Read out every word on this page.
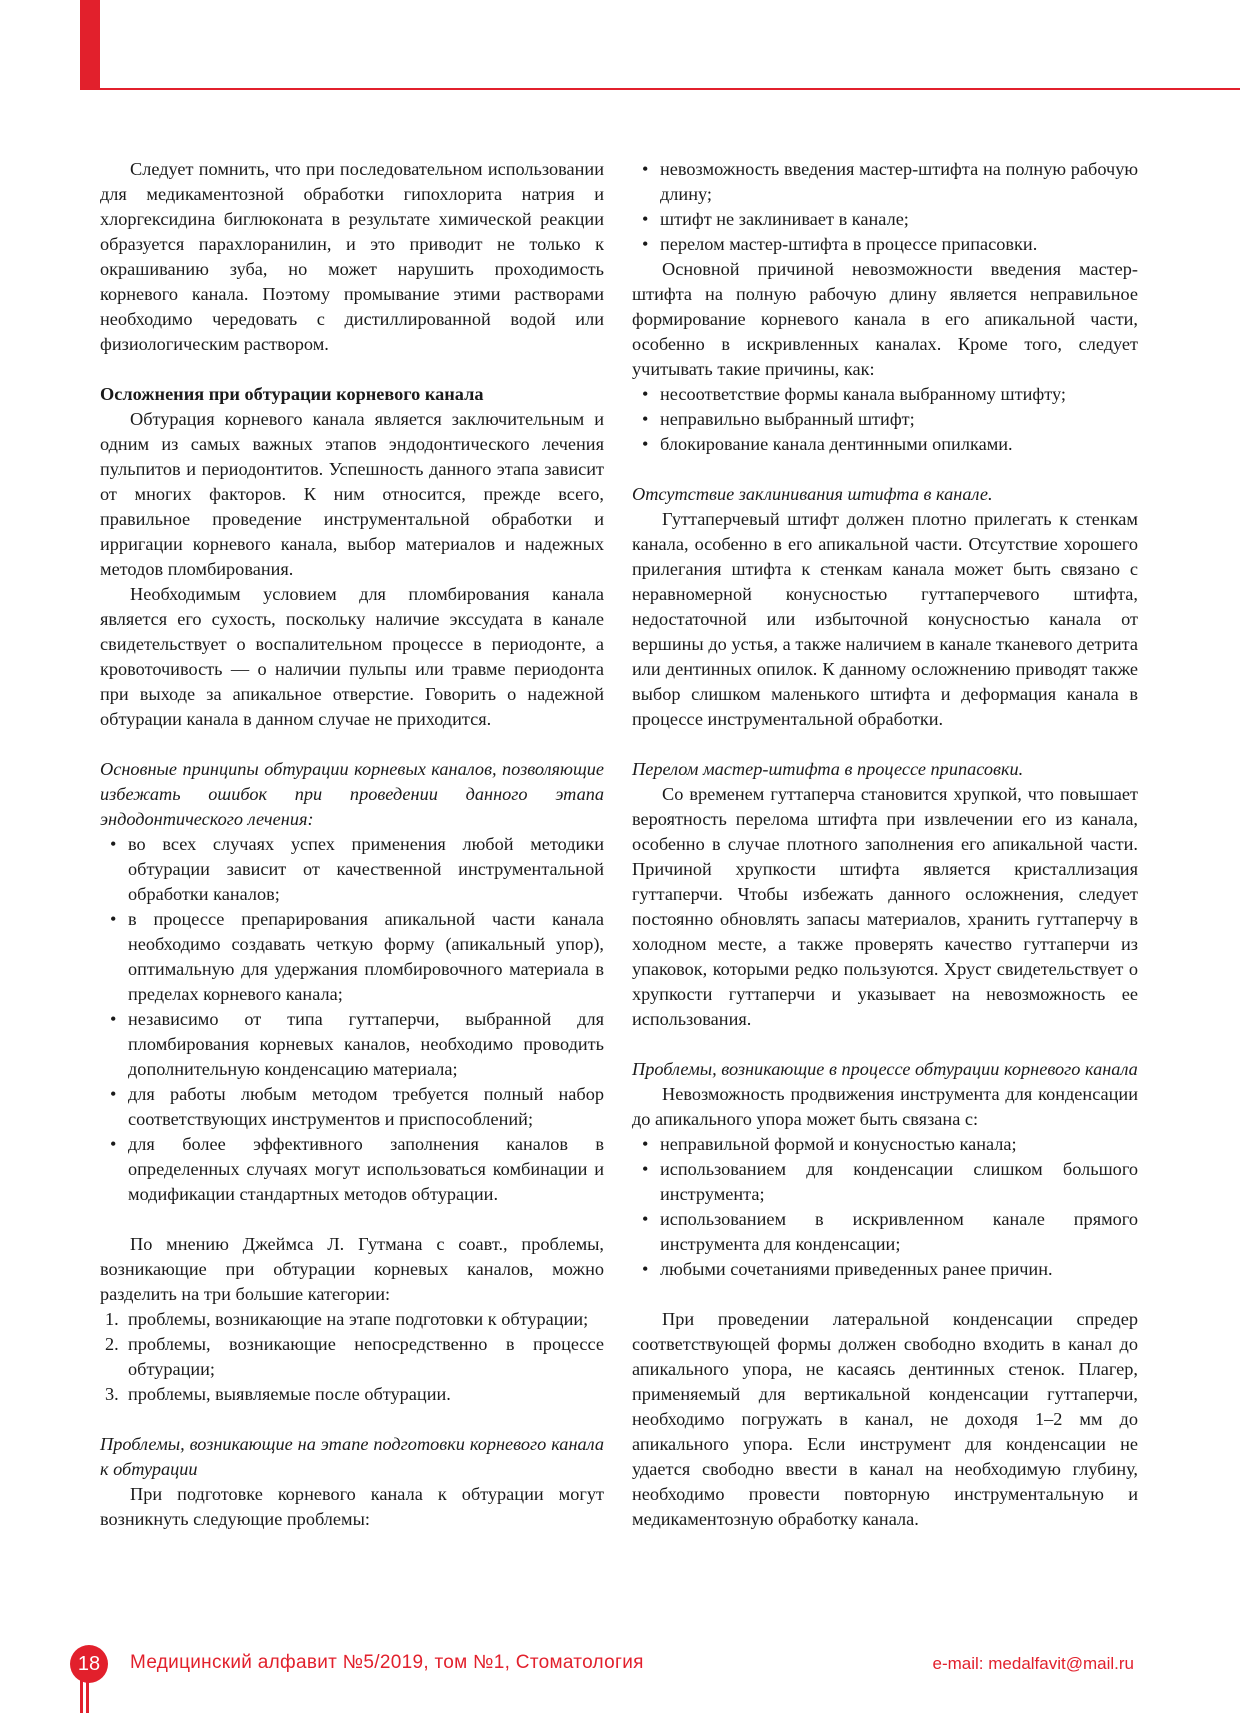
Следует помнить, что при последовательном использовании для медикаментозной обработки гипохлорита натрия и хлоргексидина биглюконата в результате химической реакции образуется парахлоранилин, и это приводит не только к окрашиванию зуба, но может нарушить проходимость корневого канала. Поэтому промывание этими растворами необходимо чередовать с дистиллированной водой или физиологическим раствором.

Осложнения при обтурации корневого канала

Обтурация корневого канала является заключительным и одним из самых важных этапов эндодонтического лечения пульпитов и периодонтитов. Успешность данного этапа зависит от многих факторов. К ним относится, прежде всего, правильное проведение инструментальной обработки и ирригации корневого канала, выбор материалов и надежных методов пломбирования.

Необходимым условием для пломбирования канала является его сухость, поскольку наличие экссудата в канале свидетельствует о воспалительном процессе в периодонте, а кровоточивость — о наличии пульпы или травме периодонта при выходе за апикальное отверстие. Говорить о надежной обтурации канала в данном случае не приходится.

Основные принципы обтурации корневых каналов, позволяющие избежать ошибок при проведении данного этапа эндодонтического лечения:

• во всех случаях успех применения любой методики обтурации зависит от качественной инструментальной обработки каналов;
• в процессе препарирования апикальной части канала необходимо создавать четкую форму (апикальный упор), оптимальную для удержания пломбировочного материала в пределах корневого канала;
• независимо от типа гуттаперчи, выбранной для пломбирования корневых каналов, необходимо проводить дополнительную конденсацию материала;
• для работы любым методом требуется полный набор соответствующих инструментов и приспособлений;
• для более эффективного заполнения каналов в определенных случаях могут использоваться комбинации и модификации стандартных методов обтурации.

По мнению Джеймса Л. Гутмана с соавт., проблемы, возникающие при обтурации корневых каналов, можно разделить на три большие категории:

1. проблемы, возникающие на этапе подготовки к обтурации;
2. проблемы, возникающие непосредственно в процессе обтурации;
3. проблемы, выявляемые после обтурации.

Проблемы, возникающие на этапе подготовки корневого канала к обтурации

При подготовке корневого канала к обтурации могут возникнуть следующие проблемы:

• невозможность введения мастер-штифта на полную рабочую длину;
• штифт не заклинивает в канале;
• перелом мастер-штифта в процессе припасовки.

Основной причиной невозможности введения мастер-штифта на полную рабочую длину является неправильное формирование корневого канала в его апикальной части, особенно в искривленных каналах. Кроме того, следует учитывать такие причины, как:

• несоответствие формы канала выбранному штифту;
• неправильно выбранный штифт;
• блокирование канала дентинными опилками.

Отсутствие заклинивания штифта в канале.

Гуттаперчевый штифт должен плотно прилегать к стенкам канала, особенно в его апикальной части. Отсутствие хорошего прилегания штифта к стенкам канала может быть связано с неравномерной конусностью гуттаперчевого штифта, недостаточной или избыточной конусностью канала от вершины до устья, а также наличием в канале тканевого детрита или дентинных опилок. К данному осложнению приводят также выбор слишком маленького штифта и деформация канала в процессе инструментальной обработки.

Перелом мастер-штифта в процессе припасовки.

Со временем гуттаперча становится хрупкой, что повышает вероятность перелома штифта при извлечении его из канала, особенно в случае плотного заполнения его апикальной части. Причиной хрупкости штифта является кристаллизация гуттаперчи. Чтобы избежать данного осложнения, следует постоянно обновлять запасы материалов, хранить гуттаперчу в холодном месте, а также проверять качество гуттаперчи из упаковок, которыми редко пользуются. Хруст свидетельствует о хрупкости гуттаперчи и указывает на невозможность ее использования.

Проблемы, возникающие в процессе обтурации корневого канала

Невозможность продвижения инструмента для конденсации до апикального упора может быть связана с:

• неправильной формой и конусностью канала;
• использованием для конденсации слишком большого инструмента;
• использованием в искривленном канале прямого инструмента для конденсации;
• любыми сочетаниями приведенных ранее причин.

При проведении латеральной конденсации спредер соответствующей формы должен свободно входить в канал до апикального упора, не касаясь дентинных стенок. Плагер, применяемый для вертикальной конденсации гуттаперчи, необходимо погружать в канал, не доходя 1–2 мм до апикального упора. Если инструмент для конденсации не удается свободно ввести в канал на необходимую глубину, необходимо провести повторную инструментальную и медикаментозную обработку канала.

18	Медицинский алфавит №5/2019, том №1, Стоматология	e-mail: medalfavit@mail.ru
